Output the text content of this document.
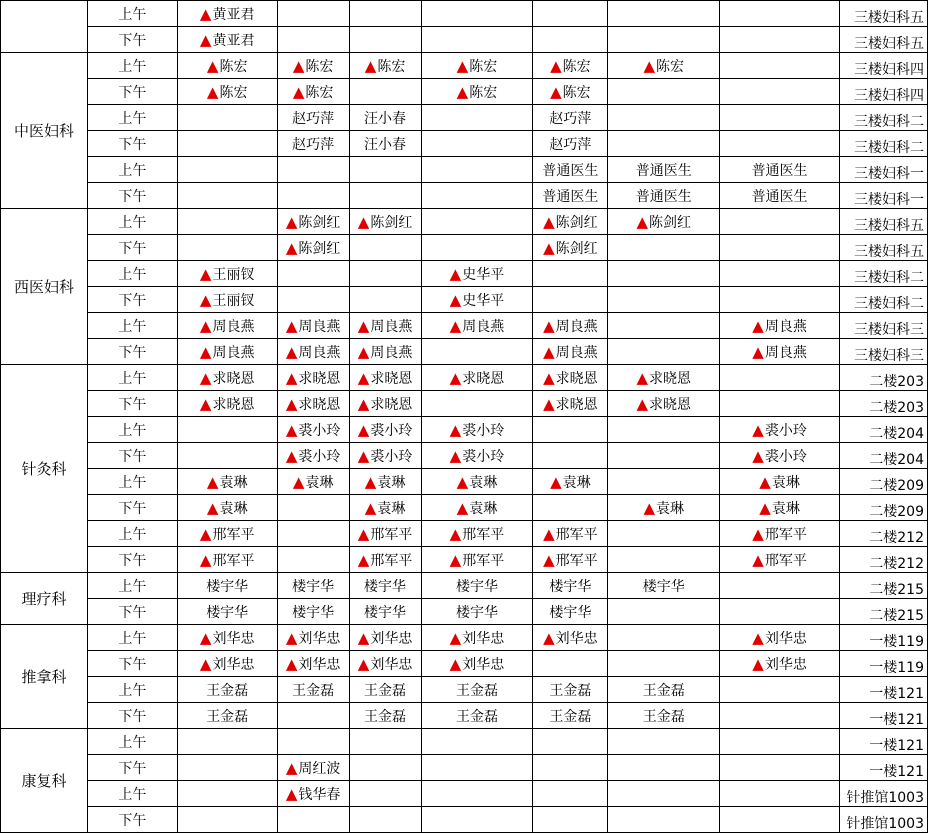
	上午	▲黄亚君							三楼妇科五
	下午	▲黄亚君							三楼妇科五
中医妇科	上午	▲陈宏	▲陈宏	▲陈宏	▲陈宏	▲陈宏	▲陈宏		三楼妇科四
	下午	▲陈宏	▲陈宏		▲陈宏	▲陈宏			三楼妇科四
	上午		赵巧萍	汪小春		赵巧萍			三楼妇科二
	下午		赵巧萍	汪小春		赵巧萍			三楼妇科二
	上午					普通医生	普通医生	普通医生	三楼妇科一
	下午					普通医生	普通医生	普通医生	三楼妇科一
西医妇科	上午		▲陈剑红	▲陈剑红		▲陈剑红	▲陈剑红		三楼妇科五
	下午		▲陈剑红			▲陈剑红			三楼妇科五
	上午	▲王丽钗			▲史华平				三楼妇科二
	下午	▲王丽钗			▲史华平				三楼妇科二
	上午	▲周良燕	▲周良燕	▲周良燕	▲周良燕	▲周良燕		▲周良燕	三楼妇科三
	下午	▲周良燕	▲周良燕	▲周良燕		▲周良燕		▲周良燕	三楼妇科三
针灸科	上午	▲求晓恩	▲求晓恩	▲求晓恩	▲求晓恩	▲求晓恩	▲求晓恩		二楼203
	下午	▲求晓恩	▲求晓恩	▲求晓恩		▲求晓恩	▲求晓恩		二楼203
	上午		▲裘小玲	▲裘小玲	▲裘小玲			▲裘小玲	二楼204
	下午		▲裘小玲	▲裘小玲	▲裘小玲			▲裘小玲	二楼204
	上午	▲袁琳	▲袁琳	▲袁琳	▲袁琳	▲袁琳		▲袁琳	二楼209
	下午	▲袁琳		▲袁琳	▲袁琳		▲袁琳	▲袁琳	二楼209
	上午	▲邢军平		▲邢军平	▲邢军平	▲邢军平		▲邢军平	二楼212
	下午	▲邢军平		▲邢军平	▲邢军平	▲邢军平		▲邢军平	二楼212
理疗科	上午	楼宇华	楼宇华	楼宇华	楼宇华	楼宇华	楼宇华		二楼215
	下午	楼宇华	楼宇华	楼宇华	楼宇华	楼宇华			二楼215
推拿科	上午	▲刘华忠	▲刘华忠	▲刘华忠	▲刘华忠	▲刘华忠		▲刘华忠	一楼119
	下午	▲刘华忠	▲刘华忠	▲刘华忠	▲刘华忠			▲刘华忠	一楼119
	上午	王金磊	王金磊	王金磊	王金磊	王金磊	王金磊		一楼121
	下午	王金磊		王金磊	王金磊	王金磊	王金磊		一楼121
康复科	上午								一楼121
	下午		▲周红波						一楼121
	上午		▲钱华春						针推馆1003
	下午								针推馆1003
